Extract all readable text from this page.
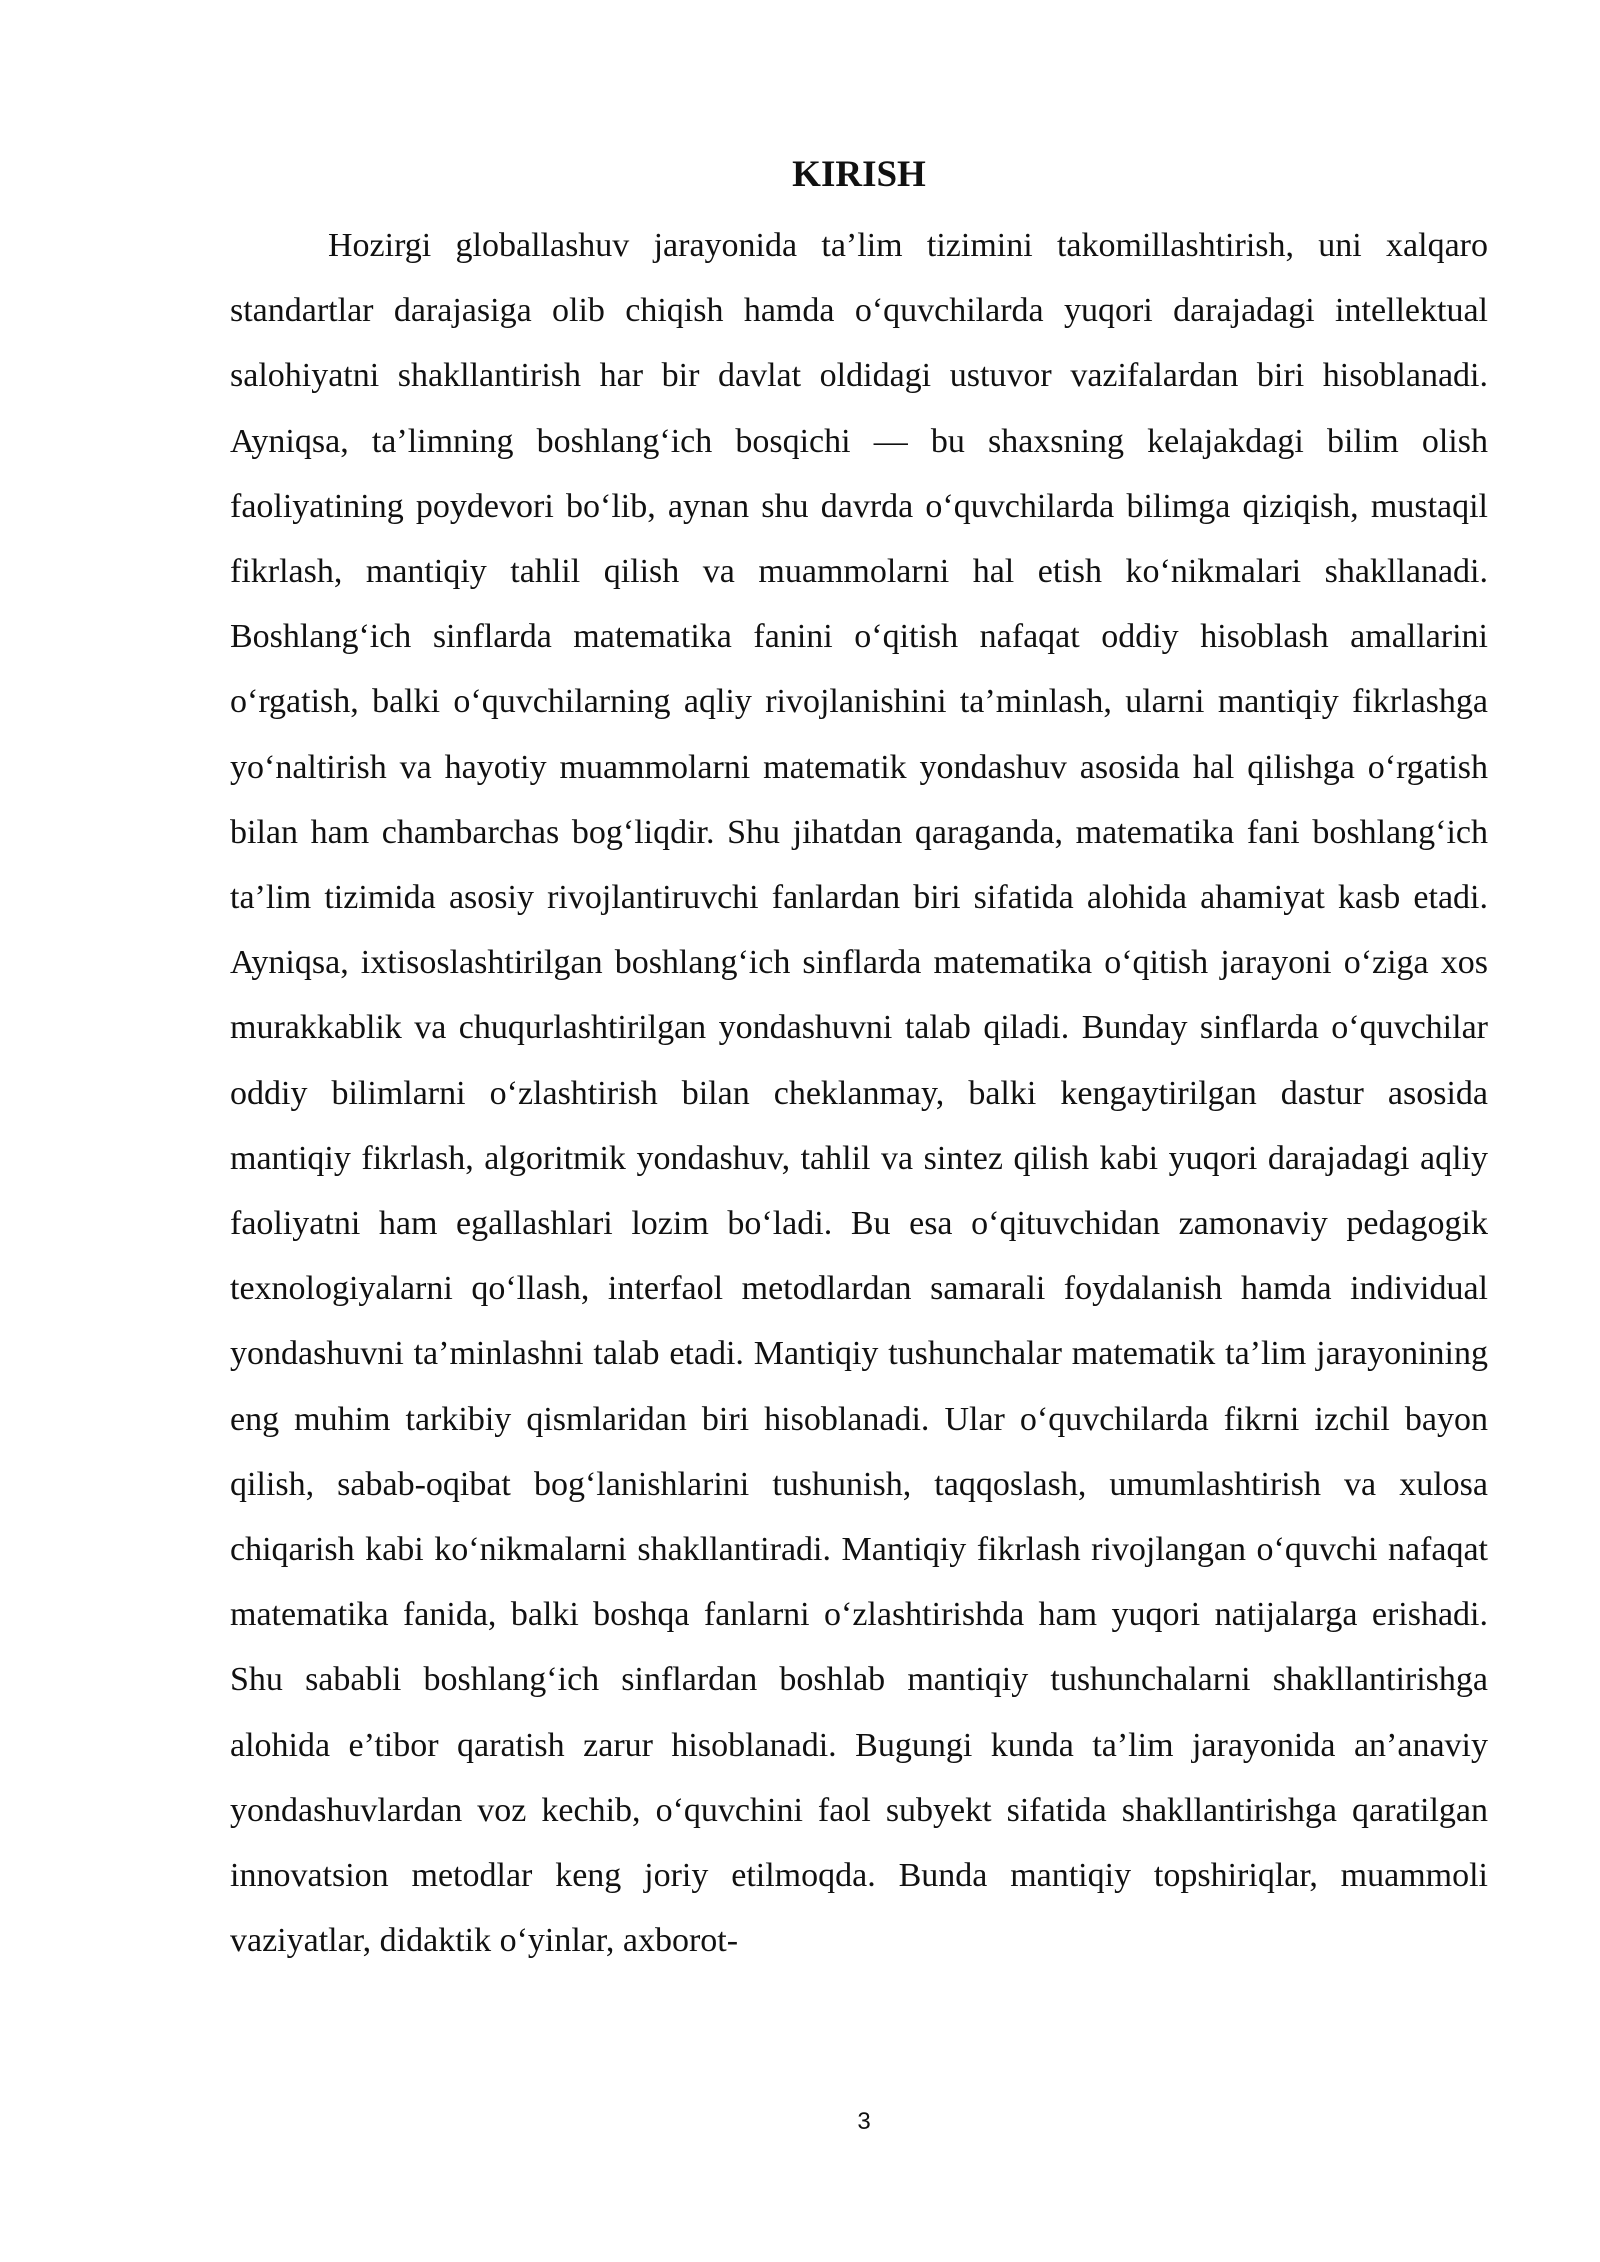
KIRISH

Hozirgi globallashuv jarayonida ta’lim tizimini takomillashtirish, uni xalqaro standartlar darajasiga olib chiqish hamda o‘quvchilarda yuqori darajadagi intellektual salohiyatni shakllantirish har bir davlat oldidagi ustuvor vazifalardan biri hisoblanadi. Ayniqsa, ta’limning boshlang‘ich bosqichi — bu shaxsning kelajakdagi bilim olish faoliyatining poydevori bo‘lib, aynan shu davrda o‘quvchilarda bilimga qiziqish, mustaqil fikrlash, mantiqiy tahlil qilish va muammolarni hal etish ko‘nikmalari shakllanadi. Boshlang‘ich sinflarda matematika fanini o‘qitish nafaqat oddiy hisoblash amallarini o‘rgatish, balki o‘quvchilarning aqliy rivojlanishini ta’minlash, ularni mantiqiy fikrlashga yo‘naltirish va hayotiy muammolarni matematik yondashuv asosida hal qilishga o‘rgatish bilan ham chambarchas bog‘liqdir. Shu jihatdan qaraganda, matematika fani boshlang‘ich ta’lim tizimida asosiy rivojlantiruvchi fanlardan biri sifatida alohida ahamiyat kasb etadi. Ayniqsa, ixtisoslashtirilgan boshlang‘ich sinflarda matematika o‘qitish jarayoni o‘ziga xos murakkablik va chuqurlashtirilgan yondashuvni talab qiladi. Bunday sinflarda o‘quvchilar oddiy bilimlarni o‘zlashtirish bilan cheklanmay, balki kengaytirilgan dastur asosida mantiqiy fikrlash, algoritmik yondashuv, tahlil va sintez qilish kabi yuqori darajadagi aqliy faoliyatni ham egallashlari lozim bo‘ladi. Bu esa o‘qituvchidan zamonaviy pedagogik texnologiyalarni qo‘llash, interfaol metodlardan samarali foydalanish hamda individual yondashuvni ta’minlashni talab etadi. Mantiqiy tushunchalar matematik ta’lim jarayonining eng muhim tarkibiy qismlaridan biri hisoblanadi. Ular o‘quvchilarda fikrni izchil bayon qilish, sabab-oqibat bog‘lanishlarini tushunish, taqqoslash, umumlashtirish va xulosa chiqarish kabi ko‘nikmalarni shakllantiradi. Mantiqiy fikrlash rivojlangan o‘quvchi nafaqat matematika fanida, balki boshqa fanlarni o‘zlashtirishda ham yuqori natijalarga erishadi. Shu sababli boshlang‘ich sinflardan boshlab mantiqiy tushunchalarni shakllantirishga alohida e’tibor qaratish zarur hisoblanadi. Bugungi kunda ta’lim jarayonida an’anaviy yondashuvlardan voz kechib, o‘quvchini faol subyekt sifatida shakllantirishga qaratilgan innovatsion metodlar keng joriy etilmoqda. Bunda mantiqiy topshiriqlar, muammoli vaziyatlar, didaktik o‘yinlar, axborot-

3
